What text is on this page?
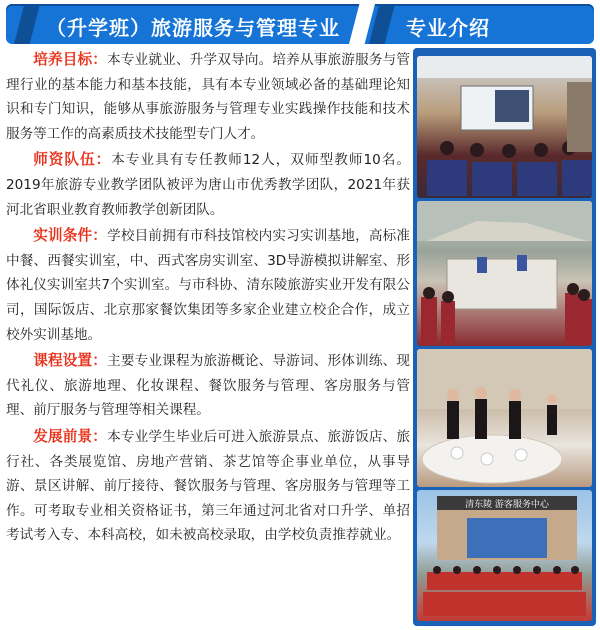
（升学班）旅游服务与管理专业	专业介绍

培养目标：本专业就业、升学双导向。培养从事旅游服务与管理行业的基本能力和基本技能，具有本专业领域必备的基础理论知识和专门知识，能够从事旅游服务与管理专业实践操作技能和技术服务等工作的高素质技术技能型专门人才。

师资队伍：本专业具有专任教师12人，双师型教师10名。2019年旅游专业教学团队被评为唐山市优秀教学团队，2021年获河北省职业教育教师教学创新团队。

实训条件：学校目前拥有市科技馆校内实习实训基地，高标准中餐、西餐实训室，中、西式客房实训室、3D导游模拟讲解室、形体礼仪实训室共7个实训室。与市科协、清东陵旅游实业开发有限公司，国际饭店、北京那家餐饮集团等多家企业建立校企合作，成立校外实训基地。

课程设置：主要专业课程为旅游概论、导游词、形体训练、现代礼仪、旅游地理、化妆课程、餐饮服务与管理、客房服务与管理、前厅服务与管理等相关课程。

发展前景：本专业学生毕业后可进入旅游景点、旅游饭店、旅行社、各类展览馆、房地产营销、茶艺馆等企事业单位，从事导游、景区讲解、前厅接待、餐饮服务与管理、客房服务与管理等工作。可考取专业相关资格证书，第三年通过河北省对口升学、单招考试考入专、本科高校，如未被高校录取，由学校负责推荐就业。

清东陵 游客服务中心
